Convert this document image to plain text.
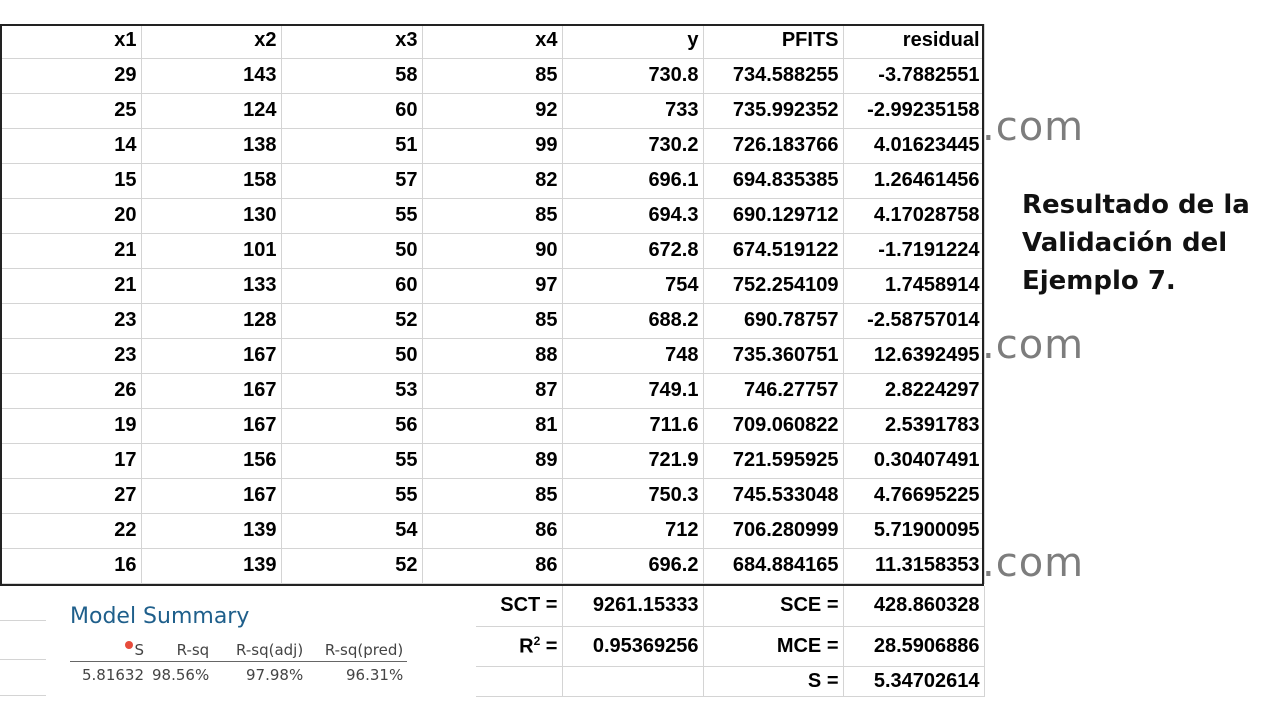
x1	x2	x3	x4	y	PFITS	residual
29	143	58	85	730.8	734.588255	-3.7882551
25	124	60	92	733	735.992352	-2.99235158
14	138	51	99	730.2	726.183766	4.01623445
15	158	57	82	696.1	694.835385	1.26461456
20	130	55	85	694.3	690.129712	4.17028758
21	101	50	90	672.8	674.519122	-1.7191224
21	133	60	97	754	752.254109	1.7458914
23	128	52	85	688.2	690.78757	-2.58757014
23	167	50	88	748	735.360751	12.6392495
26	167	53	87	749.1	746.27757	2.8224297
19	167	56	81	711.6	709.060822	2.5391783
17	156	55	89	721.9	721.595925	0.30407491
27	167	55	85	750.3	745.533048	4.76695225
22	139	54	86	712	706.280999	5.71900095
16	139	52	86	696.2	684.884165	11.3158353
.com
.com
.com
Resultado de la
Validación del
Ejemplo 7.
SCT =	9261.15333	SCE =	428.860328
$R^2$ =	0.95369256	MCE =	28.5906886
		S =	5.34702614
Model Summary
S	R-sq	R-sq(adj)	R-sq(pred)
5.81632	98.56%	97.98%	96.31%
